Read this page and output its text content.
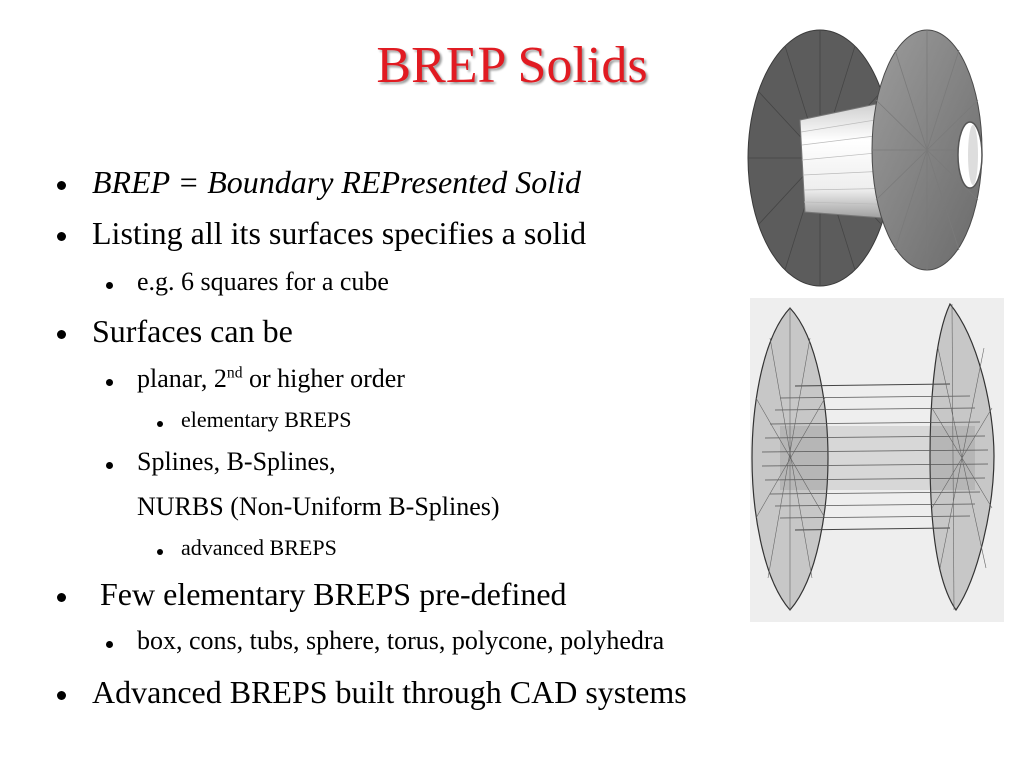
BREP Solids
BREP = Boundary REPresented Solid
Listing all its surfaces specifies a solid
e.g. 6 squares for a cube
Surfaces can be
planar, 2nd or higher order
elementary BREPS
Splines, B-Splines,
NURBS (Non-Uniform B-Splines)
advanced BREPS
Few elementary BREPS pre-defined
box, cons, tubs, sphere, torus, polycone, polyhedra
Advanced BREPS built through CAD systems
